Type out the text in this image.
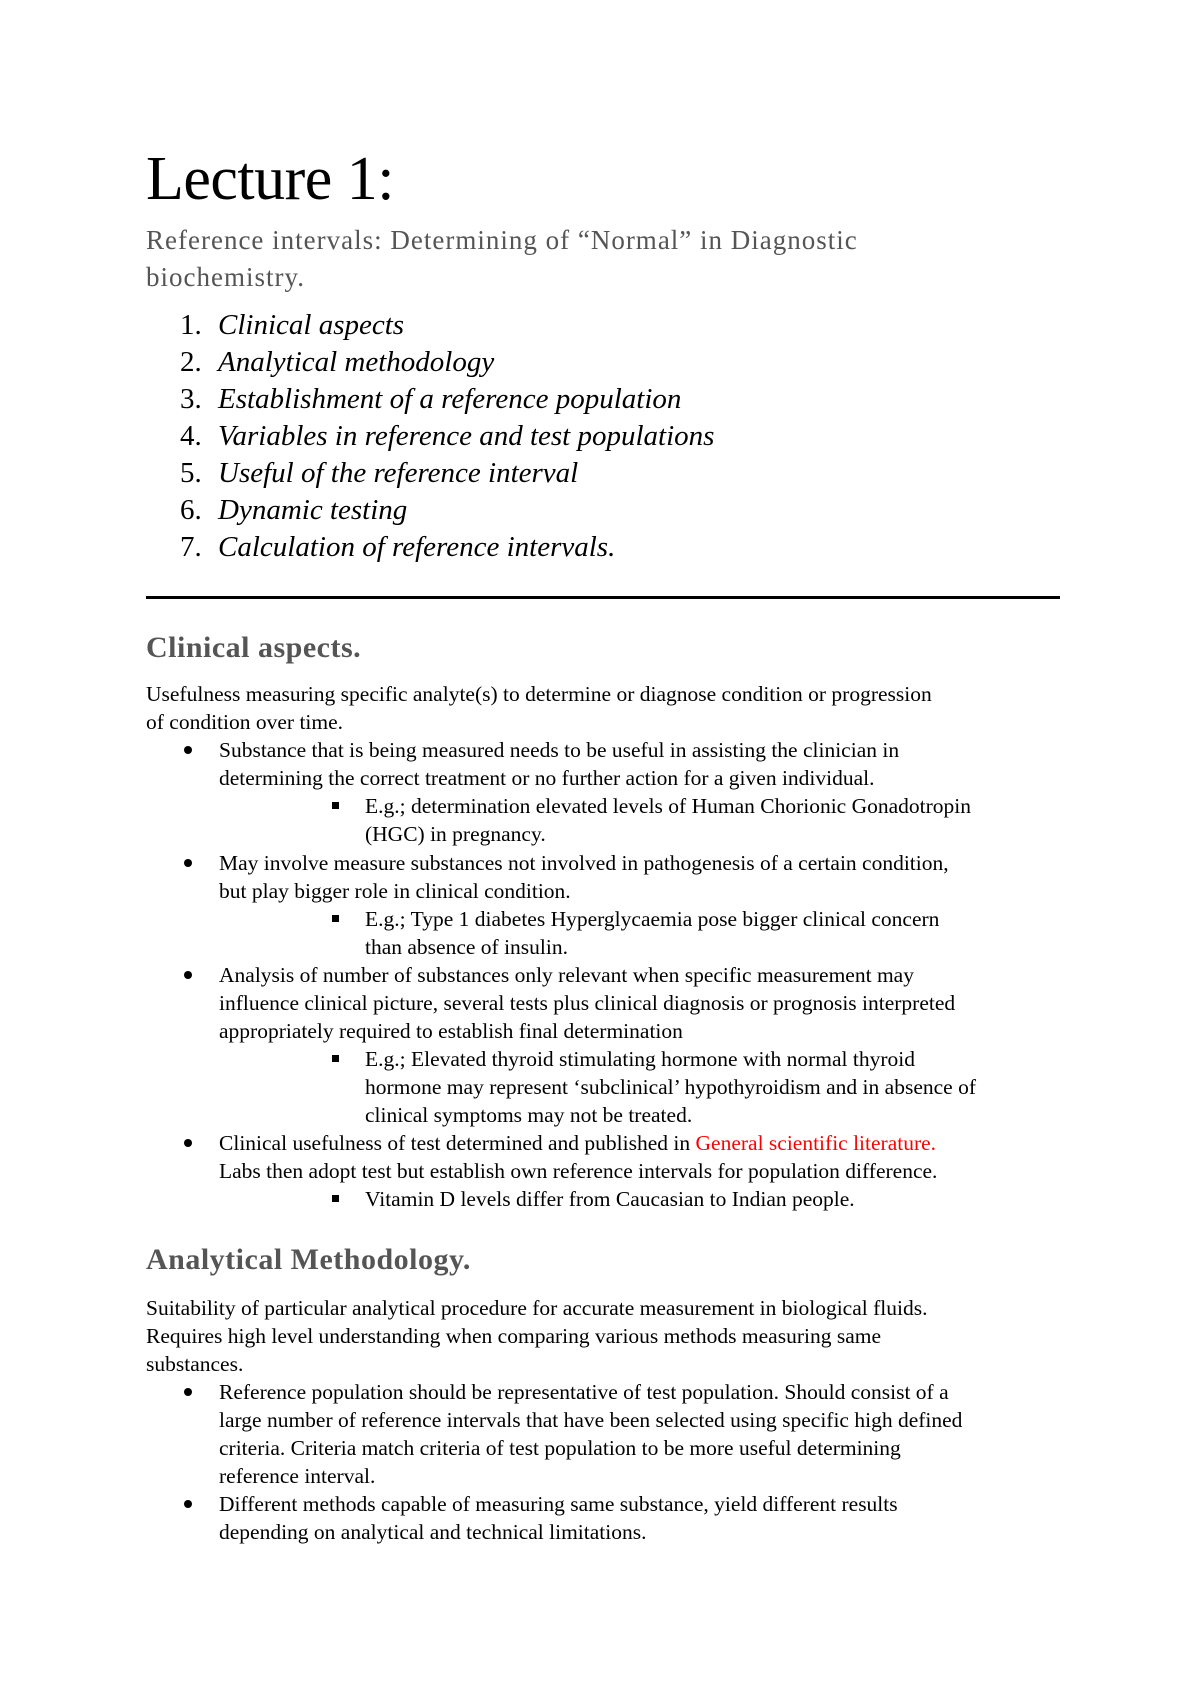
Lecture 1:
Reference intervals: Determining of “Normal” in Diagnostic
biochemistry.
1. Clinical aspects
2. Analytical methodology
3. Establishment of a reference population
4. Variables in reference and test populations
5. Useful of the reference interval
6. Dynamic testing
7. Calculation of reference intervals.
Clinical aspects.
Usefulness measuring specific analyte(s) to determine or diagnose condition or progression
of condition over time.
Substance that is being measured needs to be useful in assisting the clinician in
determining the correct treatment or no further action for a given individual.
E.g.; determination elevated levels of Human Chorionic Gonadotropin
(HGC) in pregnancy.
May involve measure substances not involved in pathogenesis of a certain condition,
but play bigger role in clinical condition.
E.g.; Type 1 diabetes Hyperglycaemia pose bigger clinical concern
than absence of insulin.
Analysis of number of substances only relevant when specific measurement may
influence clinical picture, several tests plus clinical diagnosis or prognosis interpreted
appropriately required to establish final determination
E.g.; Elevated thyroid stimulating hormone with normal thyroid
hormone may represent ‘subclinical’ hypothyroidism and in absence of
clinical symptoms may not be treated.
Clinical usefulness of test determined and published in General scientific literature.
Labs then adopt test but establish own reference intervals for population difference.
Vitamin D levels differ from Caucasian to Indian people.
Analytical Methodology.
Suitability of particular analytical procedure for accurate measurement in biological fluids.
Requires high level understanding when comparing various methods measuring same
substances.
Reference population should be representative of test population. Should consist of a
large number of reference intervals that have been selected using specific high defined
criteria. Criteria match criteria of test population to be more useful determining
reference interval.
Different methods capable of measuring same substance, yield different results
depending on analytical and technical limitations.
